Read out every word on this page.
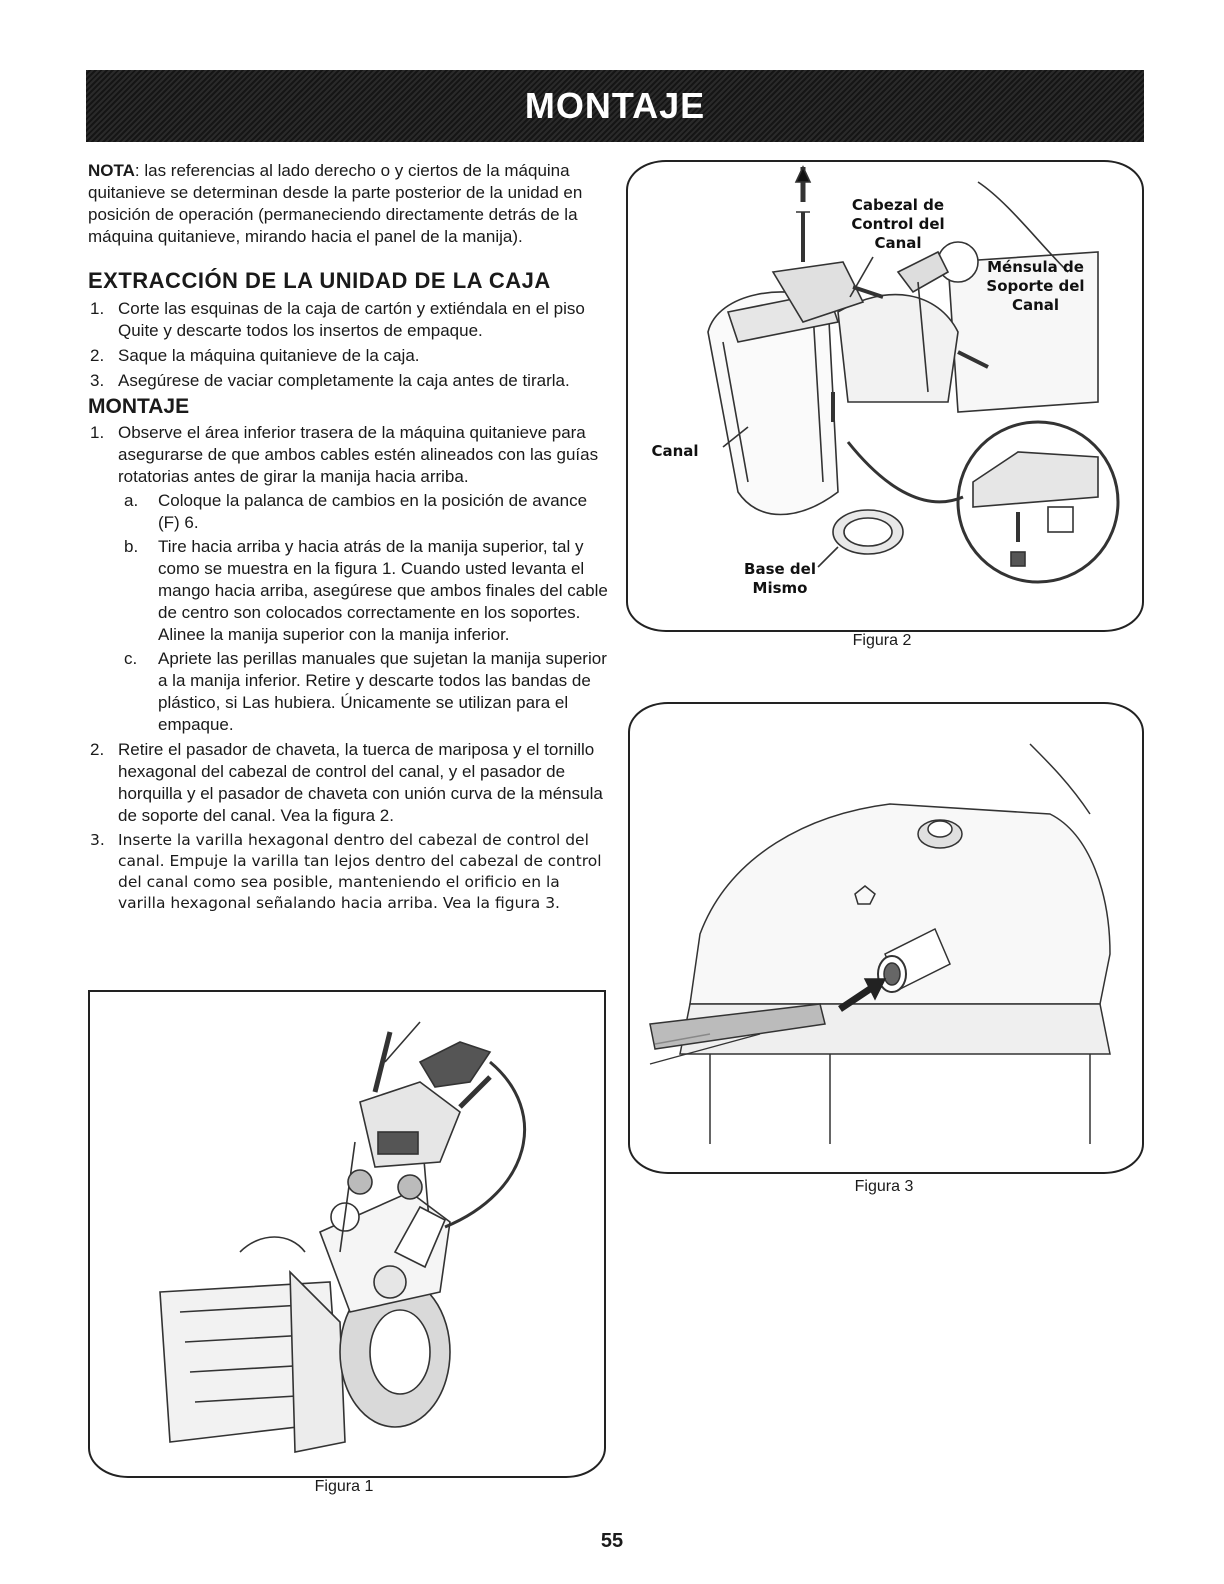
MONTAJE

NOTA: las referencias al lado derecho o y ciertos de la máquina quitanieve se determinan desde la parte posterior de la unidad en posición de operación (permaneciendo directamente detrás de la máquina quitanieve, mirando hacia el panel de la manija).

EXTRACCIÓN DE LA UNIDAD DE LA CAJA
1. Corte las esquinas de la caja de cartón y extiéndala en el piso Quite y descarte todos los insertos de empaque.
2. Saque la máquina quitanieve de la caja.
3. Asegúrese de vaciar completamente la caja antes de tirarla.
MONTAJE
1. Observe el área inferior trasera de la máquina quitanieve para asegurarse de que ambos cables estén alineados con las guías rotatorias antes de girar la manija hacia arriba.
a. Coloque la palanca de cambios en la posición de avance (F) 6.
b. Tire hacia arriba y hacia atrás de la manija superior, tal y como se muestra en la figura 1. Cuando usted levanta el mango hacia arriba, asegúrese que ambos finales del cable de centro son colocados correctamente en los soportes. Alinee la manija superior con la manija inferior.
c. Apriete las perillas manuales que sujetan la manija superior a la manija inferior. Retire y descarte todos las bandas de plástico, si Las hubiera. Únicamente se utilizan para el empaque.
2. Retire el pasador de chaveta, la tuerca de mariposa y el tornillo hexagonal del cabezal de control del canal, y el pasador de horquilla y el pasador de chaveta con unión curva de la ménsula de soporte del canal. Vea la figura 2.
3. Inserte la varilla hexagonal dentro del cabezal de control del canal. Empuje la varilla tan lejos dentro del cabezal de control del canal como sea posible, manteniendo el orificio en la varilla hexagonal señalando hacia arriba. Vea la figura 3.
Figura 1
Cabezal de Control del Canal
Ménsula de Soporte del Canal
Canal
Base del Mismo
Figura 2
Figura 3
55
